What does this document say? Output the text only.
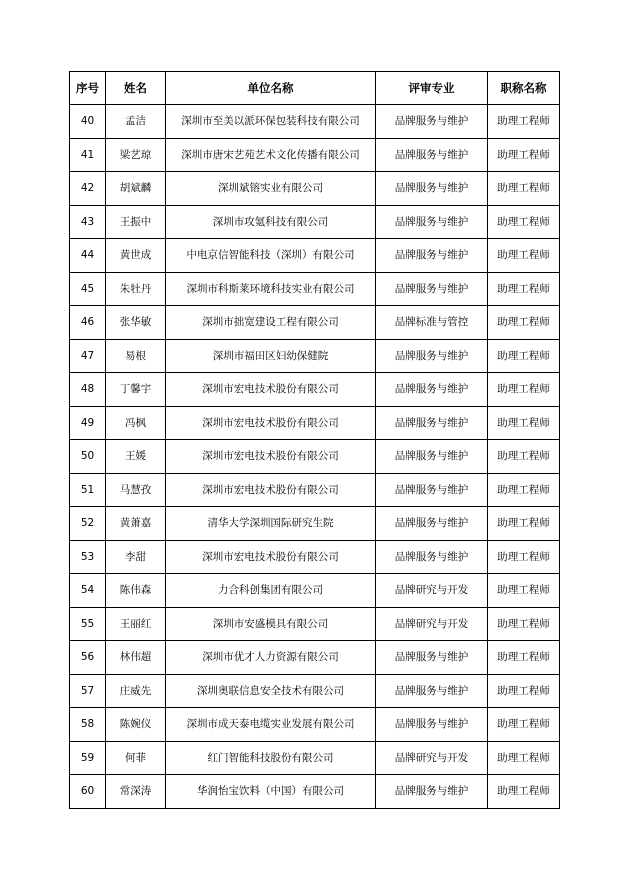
序号	姓名	单位名称	评审专业	职称名称
40	孟洁	深圳市至美以派环保包装科技有限公司	品牌服务与维护	助理工程师
41	梁艺琼	深圳市唐宋艺苑艺术文化传播有限公司	品牌服务与维护	助理工程师
42	胡斌麟	深圳斌镕实业有限公司	品牌服务与维护	助理工程师
43	王振中	深圳市攻氪科技有限公司	品牌服务与维护	助理工程师
44	黄世成	中电京信智能科技（深圳）有限公司	品牌服务与维护	助理工程师
45	朱牡丹	深圳市科斯莱环境科技实业有限公司	品牌服务与维护	助理工程师
46	张华敏	深圳市拙宽建设工程有限公司	品牌标准与管控	助理工程师
47	易根	深圳市福田区妇幼保健院	品牌服务与维护	助理工程师
48	丁馨宇	深圳市宏电技术股份有限公司	品牌服务与维护	助理工程师
49	冯枫	深圳市宏电技术股份有限公司	品牌服务与维护	助理工程师
50	王媛	深圳市宏电技术股份有限公司	品牌服务与维护	助理工程师
51	马慧孜	深圳市宏电技术股份有限公司	品牌服务与维护	助理工程师
52	黄萧嘉	清华大学深圳国际研究生院	品牌服务与维护	助理工程师
53	李甜	深圳市宏电技术股份有限公司	品牌服务与维护	助理工程师
54	陈伟森	力合科创集团有限公司	品牌研究与开发	助理工程师
55	王丽红	深圳市安盛模具有限公司	品牌研究与开发	助理工程师
56	林伟超	深圳市优才人力资源有限公司	品牌服务与维护	助理工程师
57	庄威先	深圳奥联信息安全技术有限公司	品牌服务与维护	助理工程师
58	陈婉仪	深圳市成天泰电缆实业发展有限公司	品牌服务与维护	助理工程师
59	何菲	红门智能科技股份有限公司	品牌研究与开发	助理工程师
60	常深涛	华润怡宝饮料（中国）有限公司	品牌服务与维护	助理工程师
